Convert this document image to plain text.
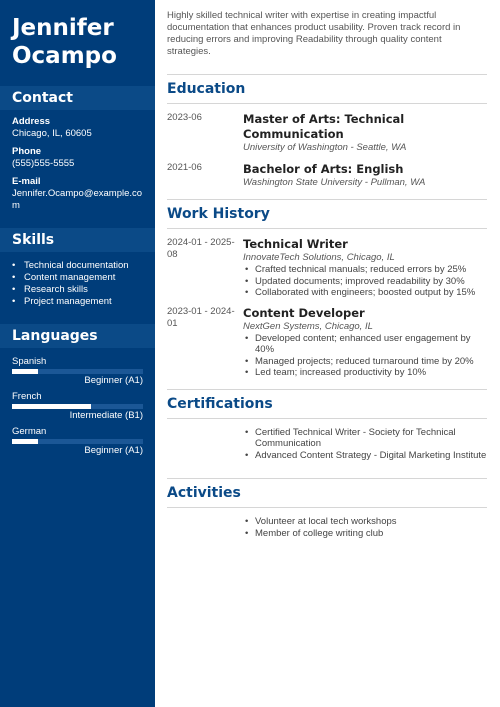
Jennifer
Ocampo
Contact
Address
Chicago, IL, 60605
Phone
(555)555-5555
E-mail
Jennifer.Ocampo@example.com
Skills
• Technical documentation
• Content management
• Research skills
• Project management
Languages
Spanish
Beginner (A1)
French
Intermediate (B1)
German
Beginner (A1)

Highly skilled technical writer with expertise in creating impactful documentation that enhances product usability. Proven track record in reducing errors and improving Readability through quality content strategies.

Education
2023-06	Master of Arts: Technical Communication
University of Washington - Seattle, WA
2021-06	Bachelor of Arts: English
Washington State University - Pullman, WA
Work History
2024-01 - 2025-08
Technical Writer
InnovateTech Solutions, Chicago, IL
• Crafted technical manuals; reduced errors by 25%
• Updated documents; improved readability by 30%
• Collaborated with engineers; boosted output by 15%
2023-01 - 2024-01
Content Developer
NextGen Systems, Chicago, IL
• Developed content; enhanced user engagement by 40%
• Managed projects; reduced turnaround time by 20%
• Led team; increased productivity by 10%
Certifications
• Certified Technical Writer - Society for Technical Communication
• Advanced Content Strategy - Digital Marketing Institute
Activities
• Volunteer at local tech workshops
• Member of college writing club
